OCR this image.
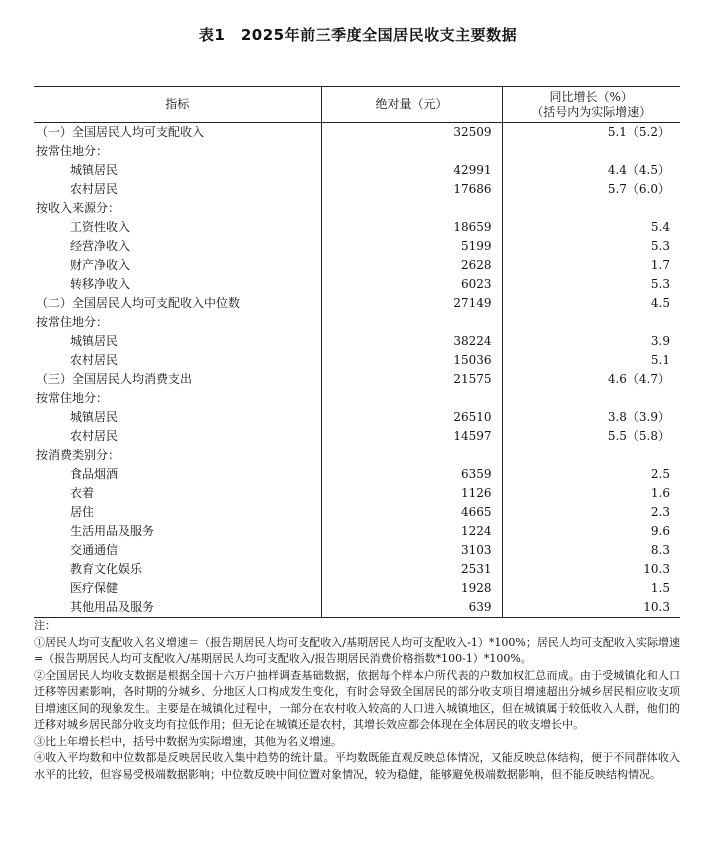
表1　2025年前三季度全国居民收支主要数据
指标	绝对量（元）	同比增长（%）
（括号内为实际增速）

（一）全国居民人均可支配收入	32509	5.1（5.2）
按常住地分：		
城镇居民	42991	4.4（4.5）
农村居民	17686	5.7（6.0）
按收入来源分：		
工资性收入	18659	5.4
经营净收入	5199	5.3
财产净收入	2628	1.7
转移净收入	6023	5.3
（二）全国居民人均可支配收入中位数	27149	4.5
按常住地分：		
城镇居民	38224	3.9
农村居民	15036	5.1
（三）全国居民人均消费支出	21575	4.6（4.7）
按常住地分：		
城镇居民	26510	3.8（3.9）
农村居民	14597	5.5（5.8）
按消费类别分：		
食品烟酒	6359	2.5
衣着	1126	1.6
居住	4665	2.3
生活用品及服务	1224	9.6
交通通信	3103	8.3
教育文化娱乐	2531	10.3
医疗保健	1928	1.5
其他用品及服务	639	10.3

注：

①居民人均可支配收入名义增速＝（报告期居民人均可支配收入/基期居民人均可支配收入-1）*100%；居民人均可支配收入实际增速=（报告期居民人均可支配收入/基期居民人均可支配收入/报告期居民消费价格指数*100-1）*100%。

②全国居民人均收支数据是根据全国十六万户抽样调查基础数据，依据每个样本户所代表的户数加权汇总而成。由于受城镇化和人口迁移等因素影响，各时期的分城乡、分地区人口构成发生变化，有时会导致全国居民的部分收支项目增速超出分城乡居民相应收支项目增速区间的现象发生。主要是在城镇化过程中，一部分在农村收入较高的人口进入城镇地区，但在城镇属于较低收入人群，他们的迁移对城乡居民部分收支均有拉低作用；但无论在城镇还是农村，其增长效应都会体现在全体居民的收支增长中。

③比上年增长栏中，括号中数据为实际增速，其他为名义增速。

④收入平均数和中位数都是反映居民收入集中趋势的统计量。平均数既能直观反映总体情况，又能反映总体结构，便于不同群体收入水平的比较，但容易受极端数据影响；中位数反映中间位置对象情况，较为稳健，能够避免极端数据影响，但不能反映结构情况。
